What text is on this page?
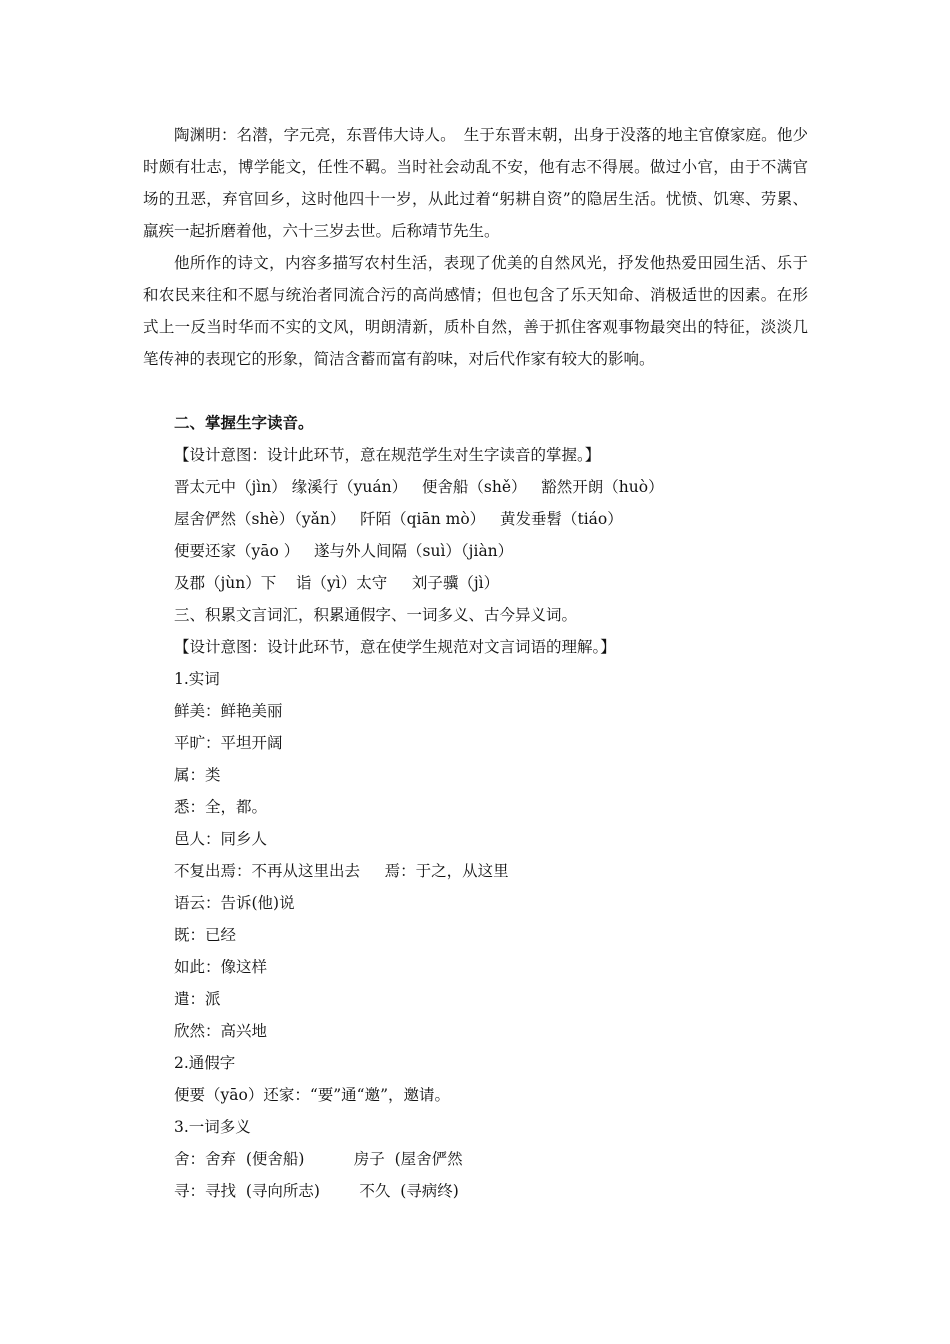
陶渊明：名潜，字元亮，东晋伟大诗人。　生于东晋末朝，出身于没落的地主官僚家庭。他少时颇有壮志，博学能文，任性不羁。当时社会动乱不安，他有志不得展。做过小官，由于不满官场的丑恶，弃官回乡，这时他四十一岁，从此过着“躬耕自资”的隐居生活。忧愤、饥寒、劳累、羸疾一起折磨着他，六十三岁去世。后称靖节先生。

他所作的诗文，内容多描写农村生活，表现了优美的自然风光，抒发他热爱田园生活、乐于和农民来往和不愿与统治者同流合污的高尚感情；但也包含了乐天知命、消极适世的因素。在形式上一反当时华而不实的文风，明朗清新，质朴自然，善于抓住客观事物最突出的特征，淡淡几笔传神的表现它的形象，简洁含蓄而富有韵味，对后代作家有较大的影响。

二、掌握生字读音。
【设计意图：设计此环节，意在规范学生对生字读音的掌握。】
晋太元中（jìn） 缘溪行（yuán）   便舍船（shě）   豁然开朗（huò）
屋舍俨然（shè）（yǎn）   阡陌（qiān mò）   黄发垂髫（tiáo）
便要还家（yāo ）   遂与外人间隔（suì）（jiàn）
及郡（jùn）下    诣（yì）太守     刘子骥（jì）
三、积累文言词汇，积累通假字、一词多义、古今异义词。
【设计意图：设计此环节，意在使学生规范对文言词语的理解。】
1.实词
鲜美：鲜艳美丽
平旷：平坦开阔
属：类
悉：全，都。
邑人：同乡人
不复出焉：不再从这里出去     焉：于之，从这里
语云：告诉(他)说
既：已经
如此：像这样
遣：派
欣然：高兴地
2.通假字
便要（yāo）还家：“要”通“邀”，邀请。
3.一词多义
舍：舍弃  (便舍船)          房子  (屋舍俨然
寻：寻找  (寻向所志)        不久  (寻病终)
